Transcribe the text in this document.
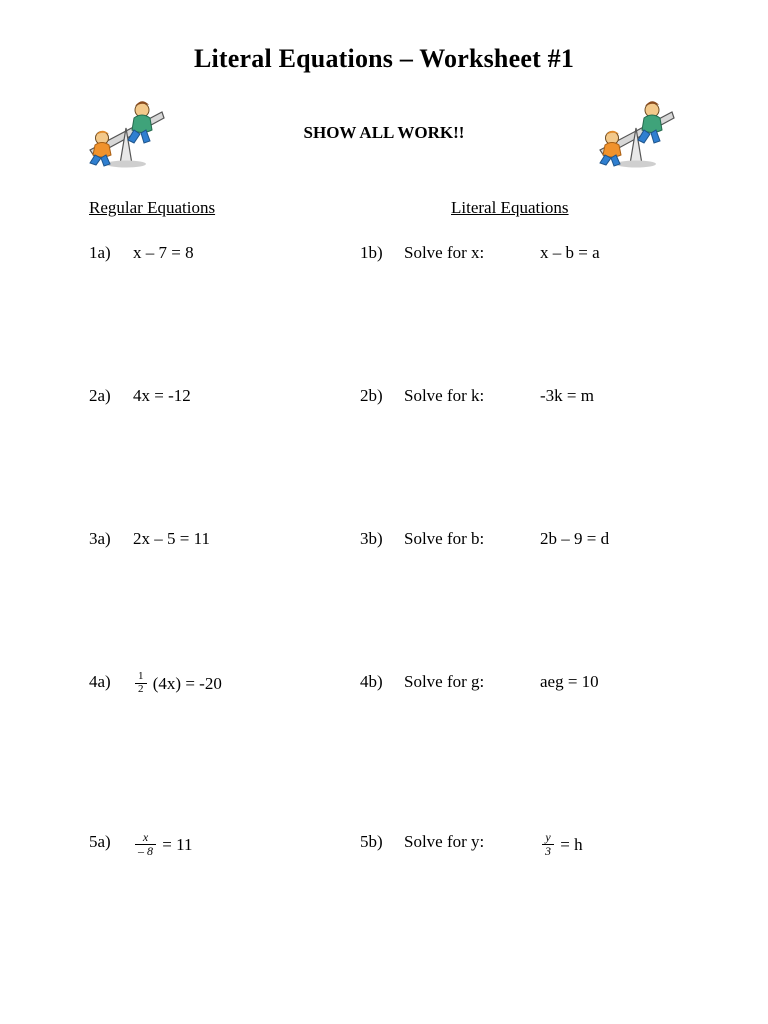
Literal Equations – Worksheet #1
SHOW ALL WORK!!
Regular Equations	Literal Equations
1a) x – 7 = 8	1b) Solve for x:	x – b = a
2a) 4x = -12	2b) Solve for k:	-3k = m
3a) 2x – 5 = 11	3b) Solve for b:	2b – 9 = d
$4a) \frac{1}{2} (4x) = -20$	4b) Solve for g:	aeg = 10
$5a) \frac{x}{- 8} = 11$	5b) Solve for y:	$\frac{y}{3} = h$
